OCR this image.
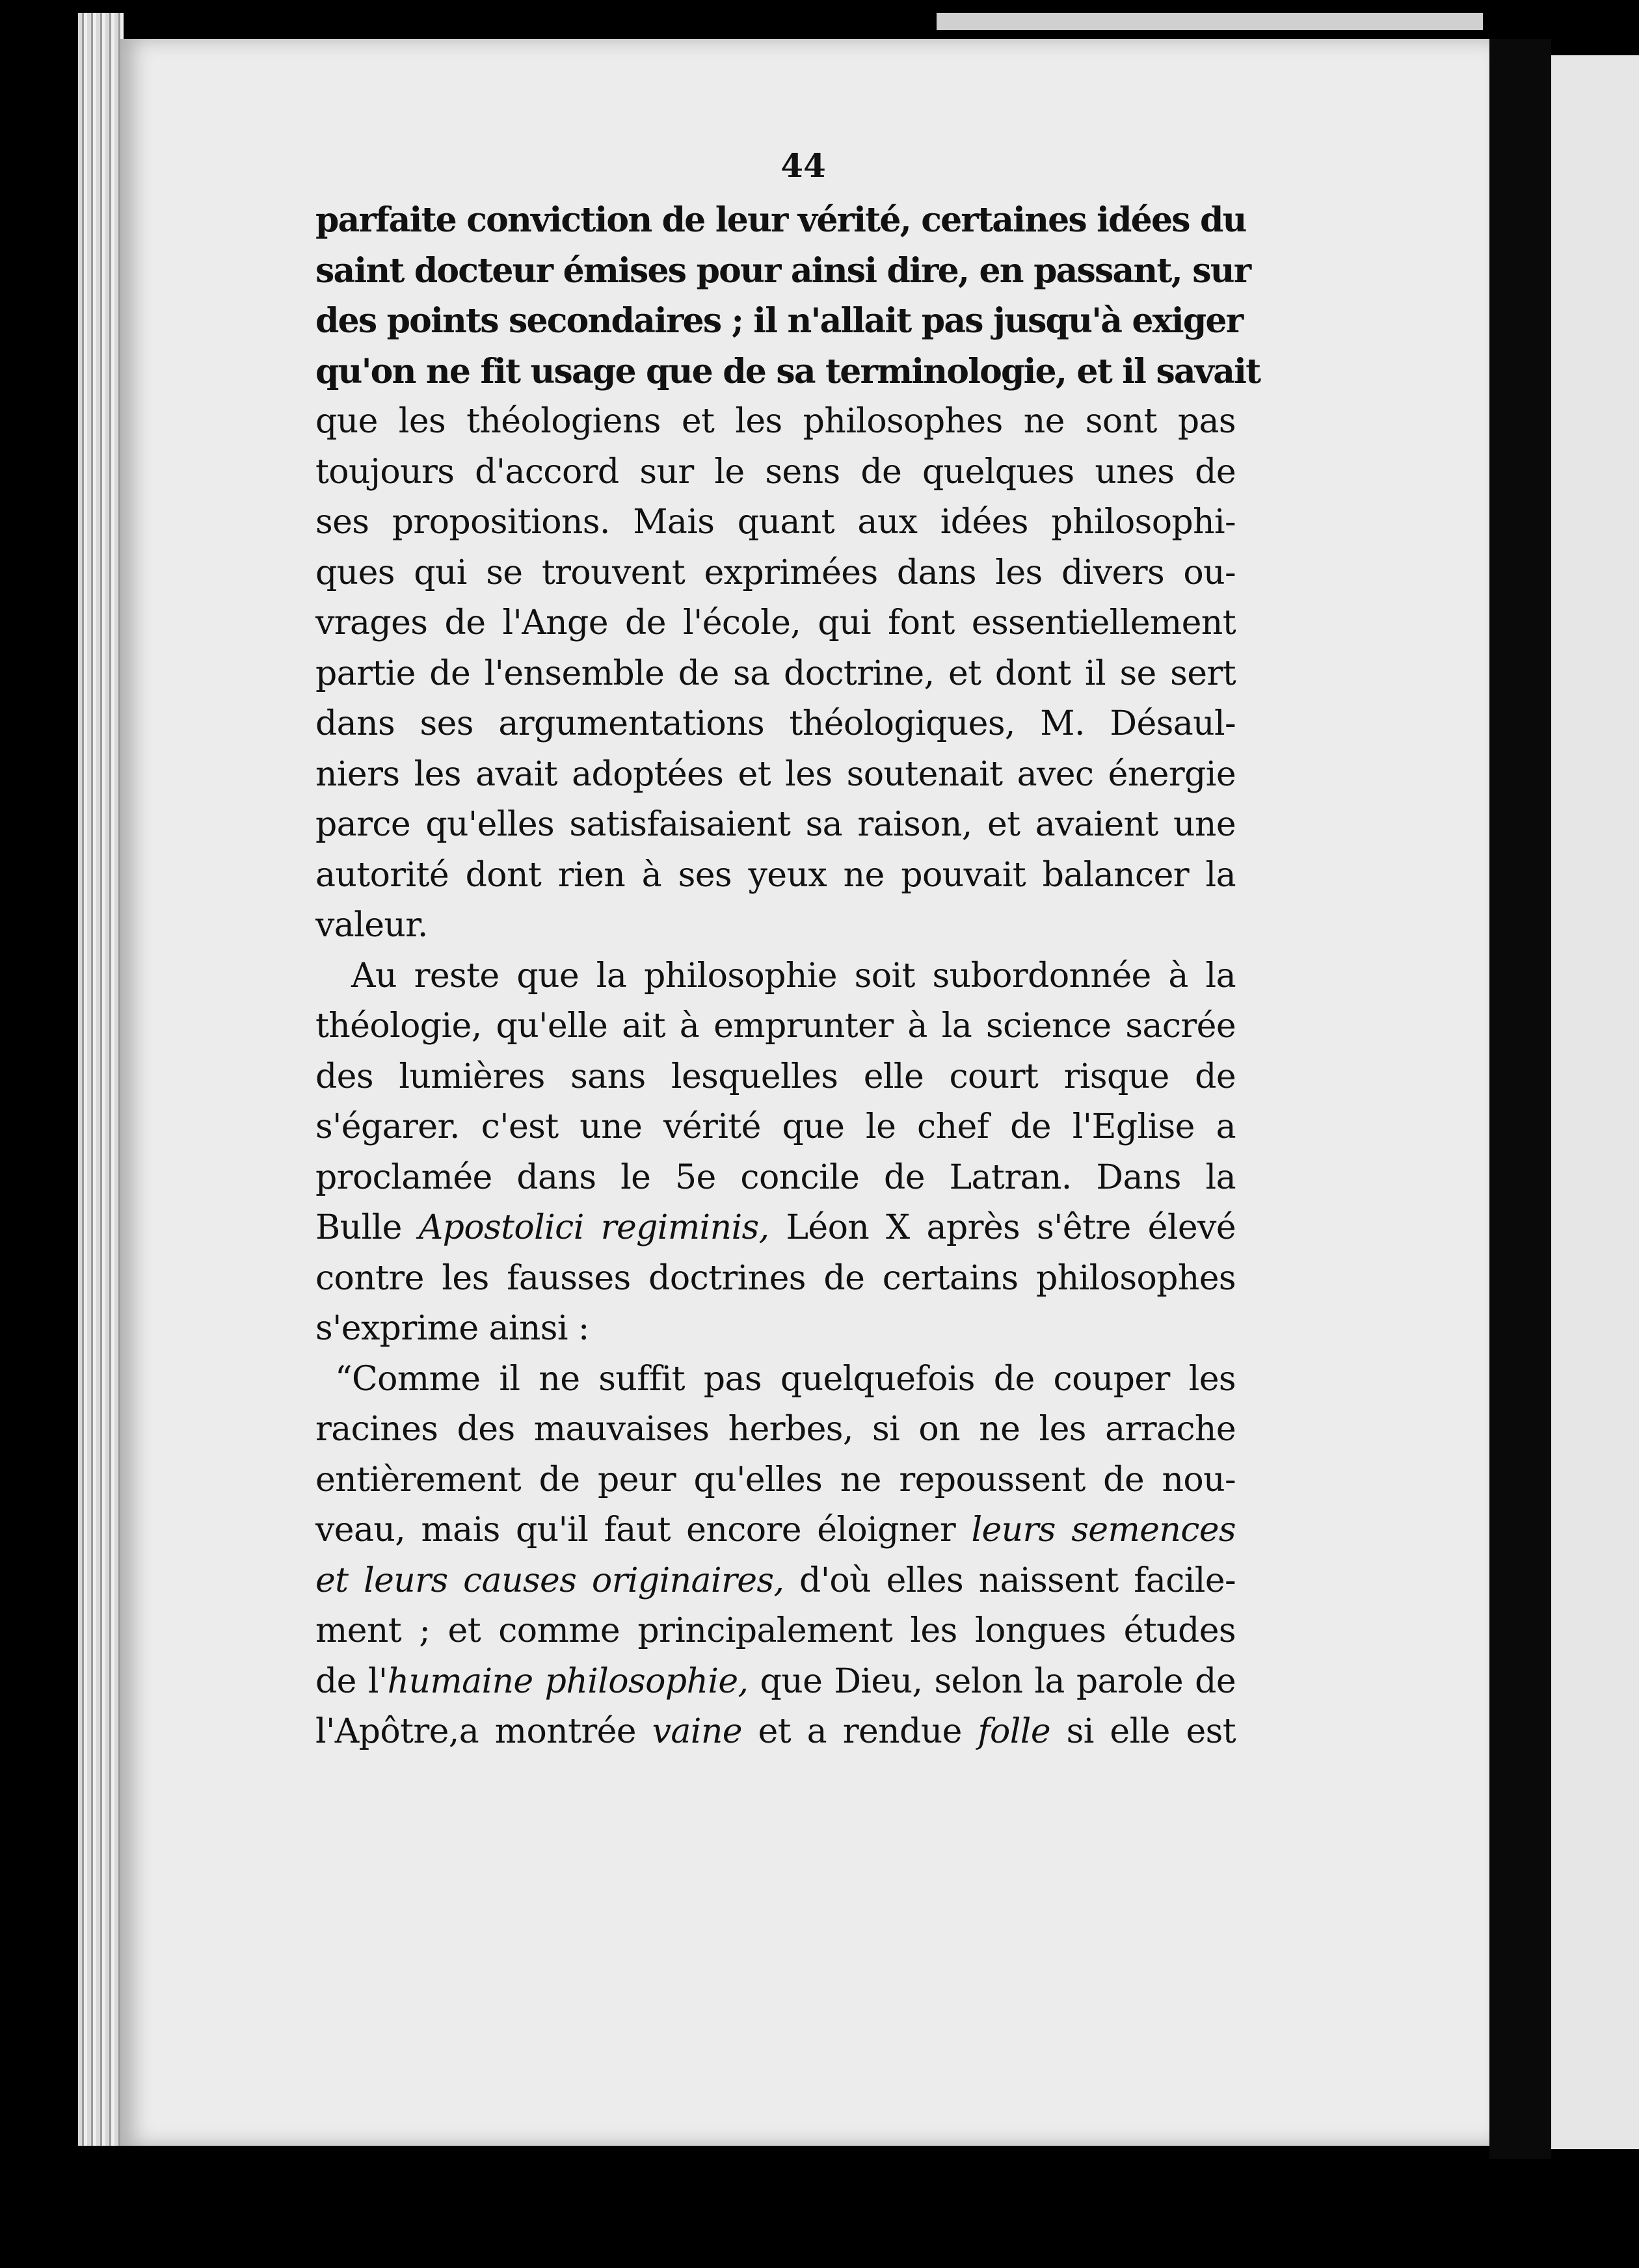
44
parfaite conviction de leur vérité, certaines idées du
saint docteur émises pour ainsi dire, en passant, sur
des points secondaires ; il n'allait pas jusqu'à exiger
qu'on ne fit usage que de sa terminologie, et il savait
que les théologiens et les philosophes ne sont pas
toujours d'accord sur le sens de quelques unes de
ses propositions. Mais quant aux idées philosophi-
ques qui se trouvent exprimées dans les divers ou-
vrages de l'Ange de l'école, qui font essentiellement
partie de l'ensemble de sa doctrine, et dont il se sert
dans ses argumentations théologiques, M. Désaul-
niers les avait adoptées et les soutenait avec énergie
parce qu'elles satisfaisaient sa raison, et avaient une
autorité dont rien à ses yeux ne pouvait balancer la
valeur.
Au reste que la philosophie soit subordonnée à la
théologie, qu'elle ait à emprunter à la science sacrée
des lumières sans lesquelles elle court risque de
s'égarer. c'est une vérité que le chef de l'Eglise a
proclamée dans le 5e concile de Latran. Dans la
Bulle Apostolici regiminis, Léon X après s'être élevé
contre les fausses doctrines de certains philosophes
s'exprime ainsi :
“Comme il ne suffit pas quelquefois de couper les
racines des mauvaises herbes, si on ne les arrache
entièrement de peur qu'elles ne repoussent de nou-
veau, mais qu'il faut encore éloigner leurs semences
et leurs causes originaires, d'où elles naissent facile-
ment ; et comme principalement les longues études
de l'humaine philosophie, que Dieu, selon la parole de
l'Apôtre,a montrée vaine et a rendue folle si elle est
